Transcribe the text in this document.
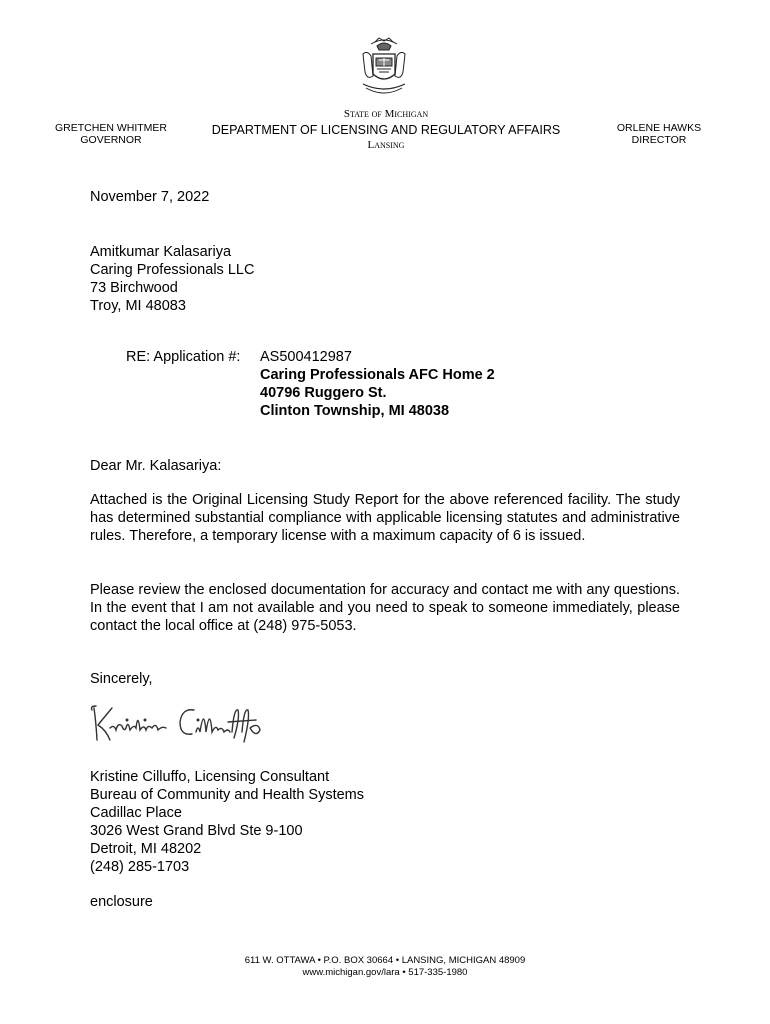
GRETCHEN WHITMER
GOVERNOR
State of Michigan
DEPARTMENT OF LICENSING AND REGULATORY AFFAIRS
Lansing
ORLENE HAWKS
DIRECTOR
November 7, 2022
Amitkumar Kalasariya
Caring Professionals LLC
73 Birchwood
Troy, MI 48083
RE: Application #: AS500412987
Caring Professionals AFC Home 2
40796 Ruggero St.
Clinton Township, MI 48038
Dear Mr. Kalasariya:
Attached is the Original Licensing Study Report for the above referenced facility. The study has determined substantial compliance with applicable licensing statutes and administrative rules. Therefore, a temporary license with a maximum capacity of 6 is issued.
Please review the enclosed documentation for accuracy and contact me with any questions. In the event that I am not available and you need to speak to someone immediately, please contact the local office at (248) 975-5053.
Sincerely,
Kristine Cilluffo, Licensing Consultant
Bureau of Community and Health Systems
Cadillac Place
3026 West Grand Blvd Ste 9-100
Detroit, MI 48202
(248) 285-1703
enclosure
611 W. OTTAWA • P.O. BOX 30664 • LANSING, MICHIGAN 48909
www.michigan.gov/lara • 517-335-1980
